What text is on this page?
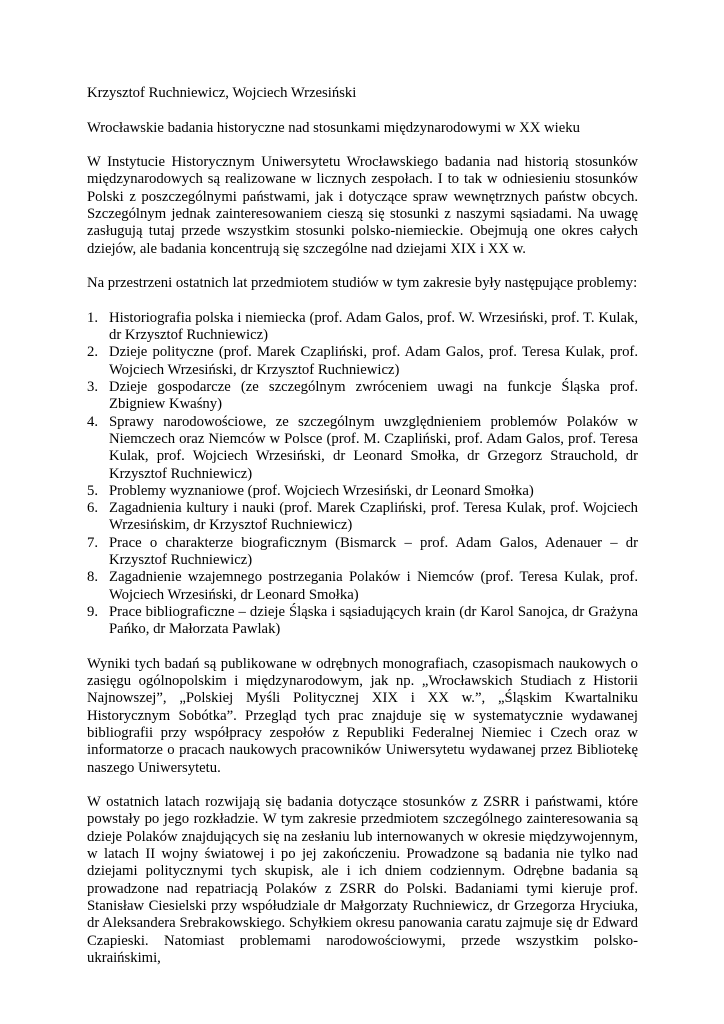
Krzysztof Ruchniewicz, Wojciech Wrzesiński

Wrocławskie badania historyczne nad stosunkami międzynarodowymi w XX wieku

W Instytucie Historycznym Uniwersytetu Wrocławskiego badania nad historią stosunków międzynarodowych są realizowane w licznych zespołach. I to tak w odniesieniu stosunków Polski z poszczególnymi państwami, jak i dotyczące spraw wewnętrznych państw obcych. Szczególnym jednak zainteresowaniem cieszą się stosunki z naszymi sąsiadami. Na uwagę zasługują tutaj przede wszystkim stosunki polsko-niemieckie. Obejmują one okres całych dziejów, ale badania koncentrują się szczególne nad dziejami XIX i XX w.

Na przestrzeni ostatnich lat przedmiotem studiów w tym zakresie były następujące problemy:

1. Historiografia polska i niemiecka (prof. Adam Galos, prof. W. Wrzesiński, prof. T. Kulak, dr Krzysztof Ruchniewicz)
2. Dzieje polityczne (prof. Marek Czapliński, prof. Adam Galos, prof. Teresa Kulak, prof. Wojciech Wrzesiński, dr Krzysztof Ruchniewicz)
3. Dzieje gospodarcze (ze szczególnym zwróceniem uwagi na funkcje Śląska prof. Zbigniew Kwaśny)
4. Sprawy narodowościowe, ze szczególnym uwzględnieniem problemów Polaków w Niemczech oraz Niemców w Polsce (prof. M. Czapliński, prof. Adam Galos, prof. Teresa Kulak, prof. Wojciech Wrzesiński, dr Leonard Smołka, dr Grzegorz Strauchold, dr Krzysztof Ruchniewicz)
5. Problemy wyznaniowe (prof. Wojciech Wrzesiński, dr Leonard Smołka)
6. Zagadnienia kultury i nauki (prof. Marek Czapliński, prof. Teresa Kulak, prof. Wojciech Wrzesińskim, dr Krzysztof Ruchniewicz)
7. Prace o charakterze biograficznym (Bismarck – prof. Adam Galos, Adenauer – dr Krzysztof Ruchniewicz)
8. Zagadnienie wzajemnego postrzegania Polaków i Niemców (prof. Teresa Kulak, prof. Wojciech Wrzesiński, dr Leonard Smołka)
9. Prace bibliograficzne – dzieje Śląska i sąsiadujących krain (dr Karol Sanojca, dr Grażyna Pańko, dr Małorzata Pawlak)

Wyniki tych badań są publikowane w odrębnych monografiach, czasopismach naukowych o zasięgu ogólnopolskim i międzynarodowym, jak np. „Wrocławskich Studiach z Historii Najnowszej”, „Polskiej Myśli Politycznej XIX i XX w.”, „Śląskim Kwartalniku Historycznym Sobótka”. Przegląd tych prac znajduje się w systematycznie wydawanej bibliografii przy współpracy zespołów z Republiki Federalnej Niemiec i Czech oraz w informatorze o pracach naukowych pracowników Uniwersytetu wydawanej przez Bibliotekę naszego Uniwersytetu.

W ostatnich latach rozwijają się badania dotyczące stosunków z ZSRR i państwami, które powstały po jego rozkładzie. W tym zakresie przedmiotem szczególnego zainteresowania są dzieje Polaków znajdujących się na zesłaniu lub internowanych w okresie międzywojennym, w latach II wojny światowej i po jej zakończeniu. Prowadzone są badania nie tylko nad dziejami politycznymi tych skupisk, ale i ich dniem codziennym. Odrębne badania są prowadzone nad repatriacją Polaków z ZSRR do Polski. Badaniami tymi kieruje prof. Stanisław Ciesielski przy współudziale dr Małgorzaty Ruchniewicz, dr Grzegorza Hryciuka, dr Aleksandera Srebrakowskiego. Schyłkiem okresu panowania caratu zajmuje się dr Edward Czapieski. Natomiast problemami narodowościowymi, przede wszystkim polsko-ukraińskimi,
